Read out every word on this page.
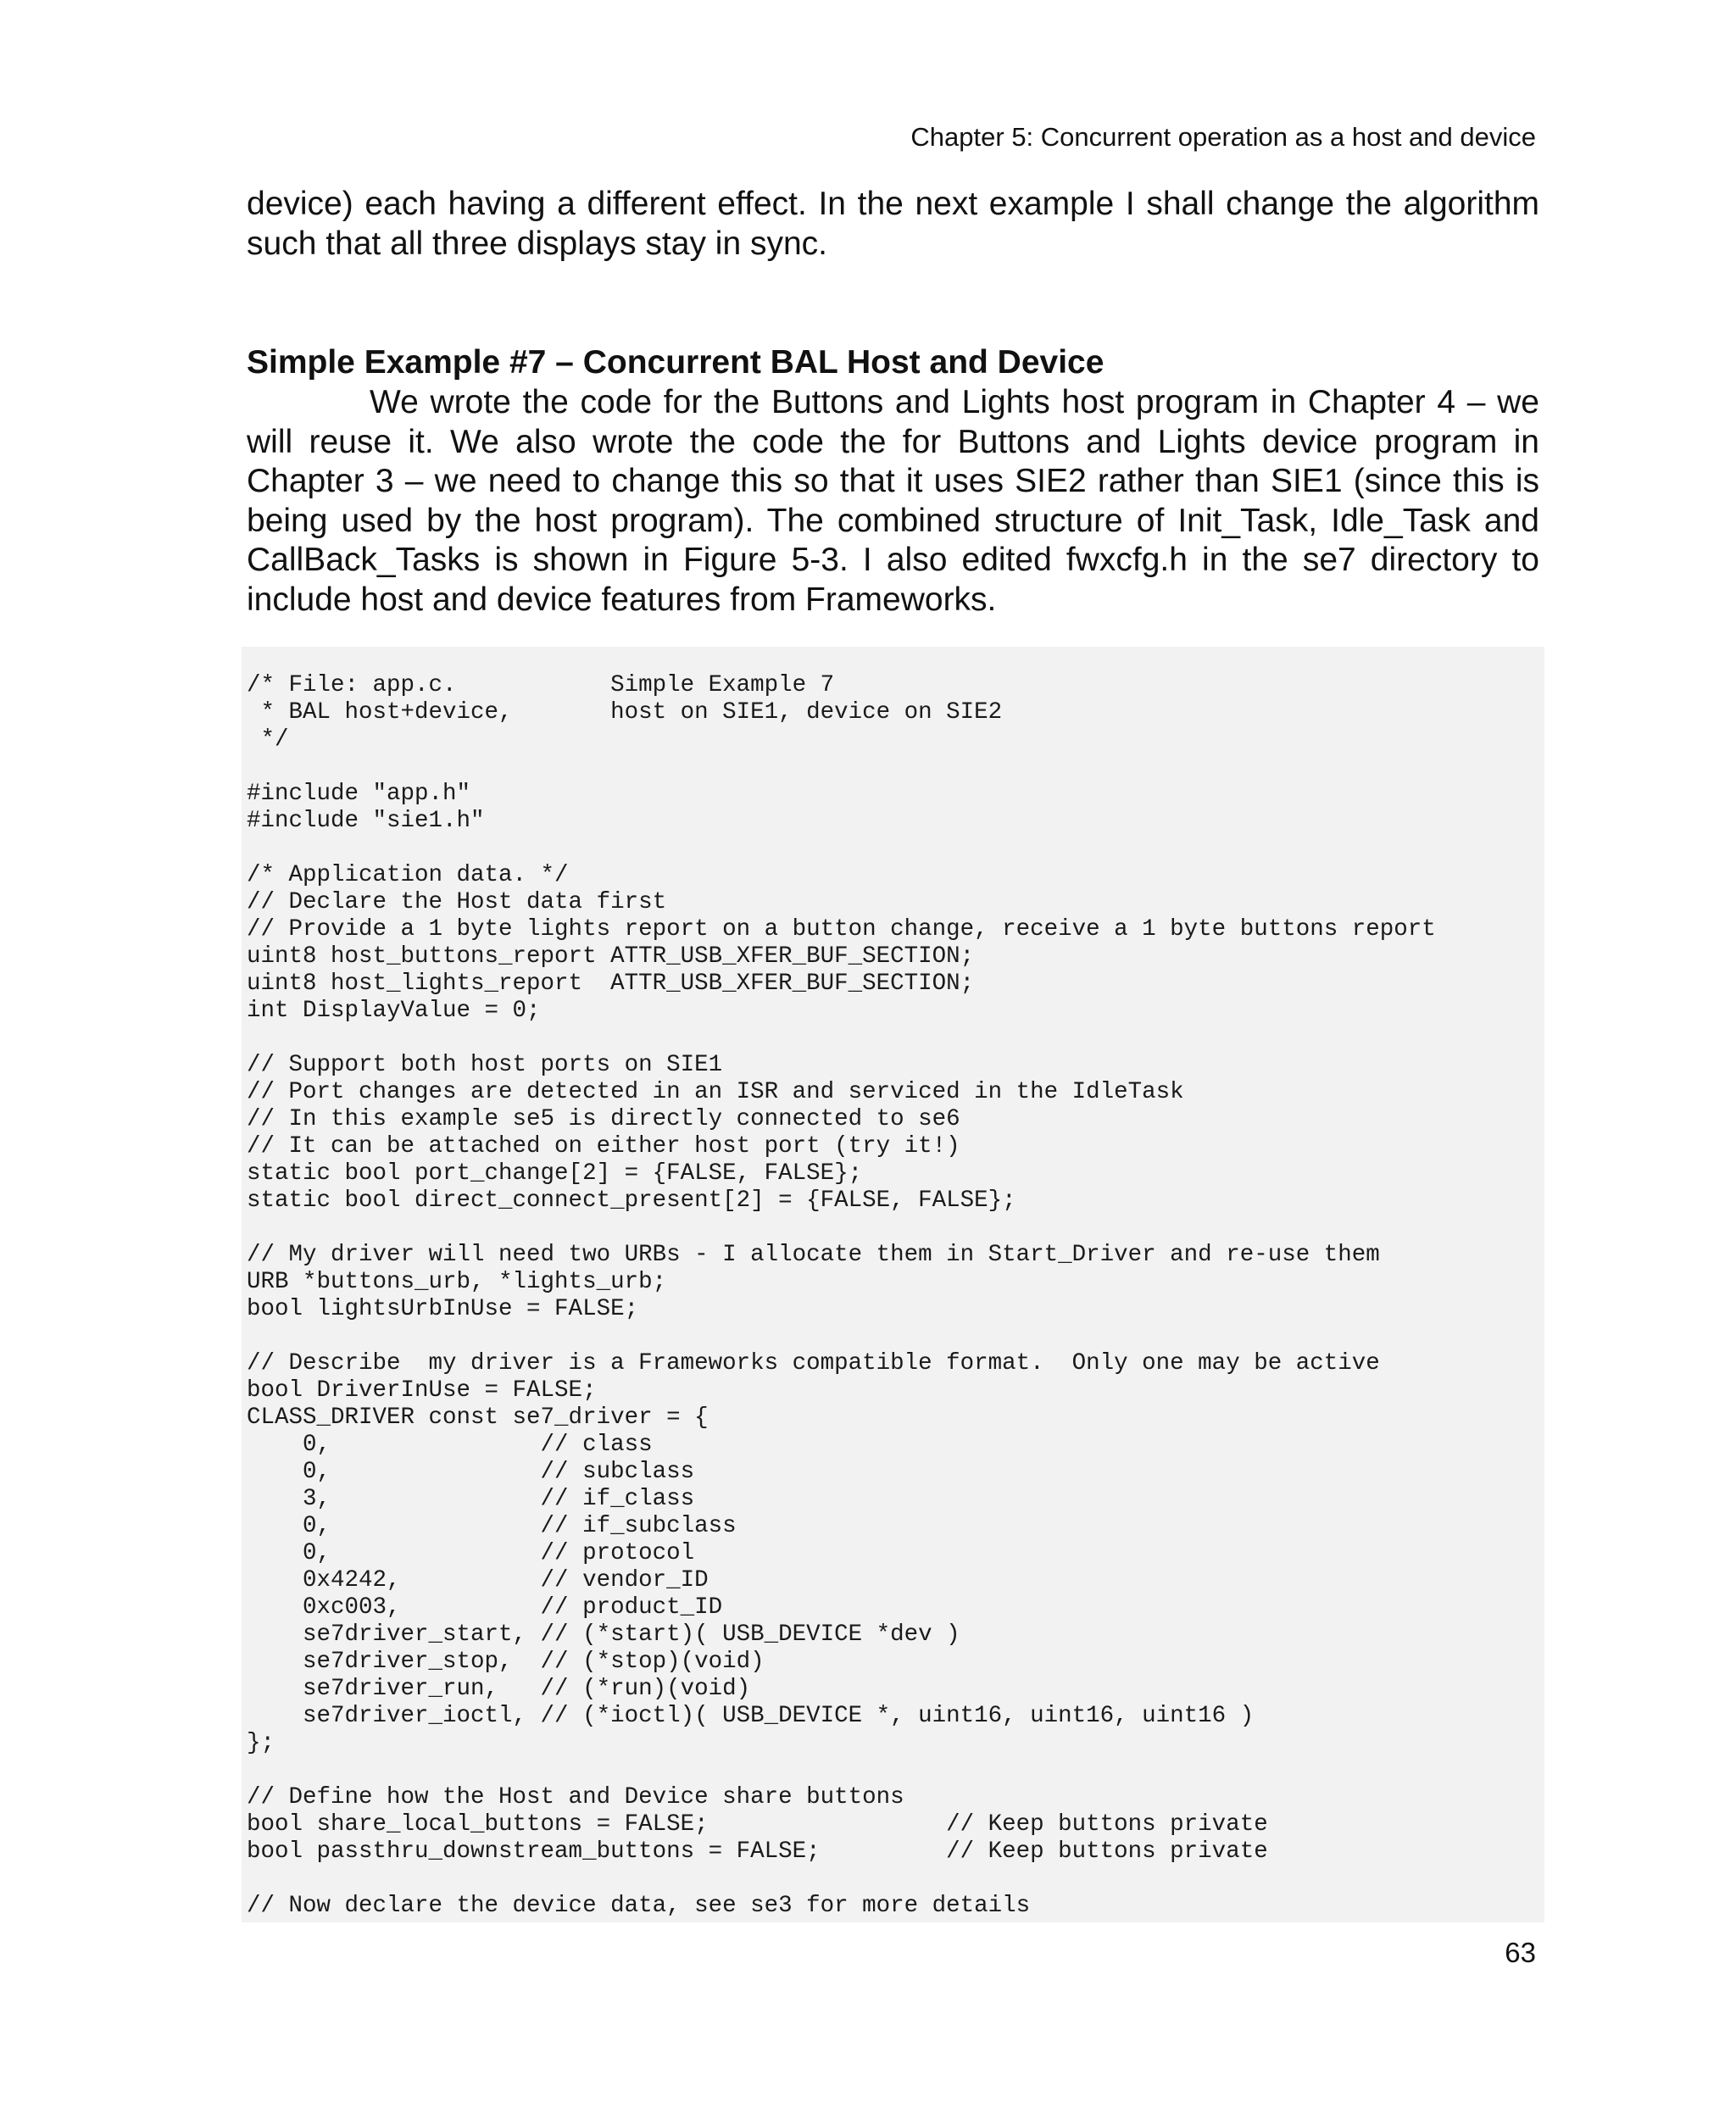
Chapter 5: Concurrent operation as a host and device

device) each having a different effect. In the next example I shall change the algorithm such that all three displays stay in sync.

Simple Example #7 – Concurrent BAL Host and Device

We wrote the code for the Buttons and Lights host program in Chapter 4 – we will reuse it. We also wrote the code the for Buttons and Lights device program in Chapter 3 – we need to change this so that it uses SIE2 rather than SIE1 (since this is being used by the host program). The combined structure of Init_Task, Idle_Task and CallBack_Tasks is shown in Figure 5-3. I also edited fwxcfg.h in the se7 directory to include host and device features from Frameworks.

/* File: app.c.           Simple Example 7
* BAL host+device,       host on SIE1, device on SIE2
*/

#include "app.h"
#include "sie1.h"

/* Application data. */
// Declare the Host data first
// Provide a 1 byte lights report on a button change, receive a 1 byte buttons report
uint8 host_buttons_report ATTR_USB_XFER_BUF_SECTION;
uint8 host_lights_report  ATTR_USB_XFER_BUF_SECTION;
int DisplayValue = 0;

// Support both host ports on SIE1
// Port changes are detected in an ISR and serviced in the IdleTask
// In this example se5 is directly connected to se6
// It can be attached on either host port (try it!)
static bool port_change[2] = {FALSE, FALSE};
static bool direct_connect_present[2] = {FALSE, FALSE};

// My driver will need two URBs - I allocate them in Start_Driver and re-use them
URB *buttons_urb, *lights_urb;
bool lightsUrbInUse = FALSE;

// Describe  my driver is a Frameworks compatible format.  Only one may be active
bool DriverInUse = FALSE;
CLASS_DRIVER const se7_driver = {
0,               // class
0,               // subclass
3,               // if_class
0,               // if_subclass
0,               // protocol
0x4242,          // vendor_ID
0xc003,          // product_ID
se7driver_start, // (*start)( USB_DEVICE *dev )
se7driver_stop,  // (*stop)(void)
se7driver_run,   // (*run)(void)
se7driver_ioctl, // (*ioctl)( USB_DEVICE *, uint16, uint16, uint16 )
};

// Define how the Host and Device share buttons
bool share_local_buttons = FALSE;                 // Keep buttons private
bool passthru_downstream_buttons = FALSE;         // Keep buttons private

// Now declare the device data, see se3 for more details
63
